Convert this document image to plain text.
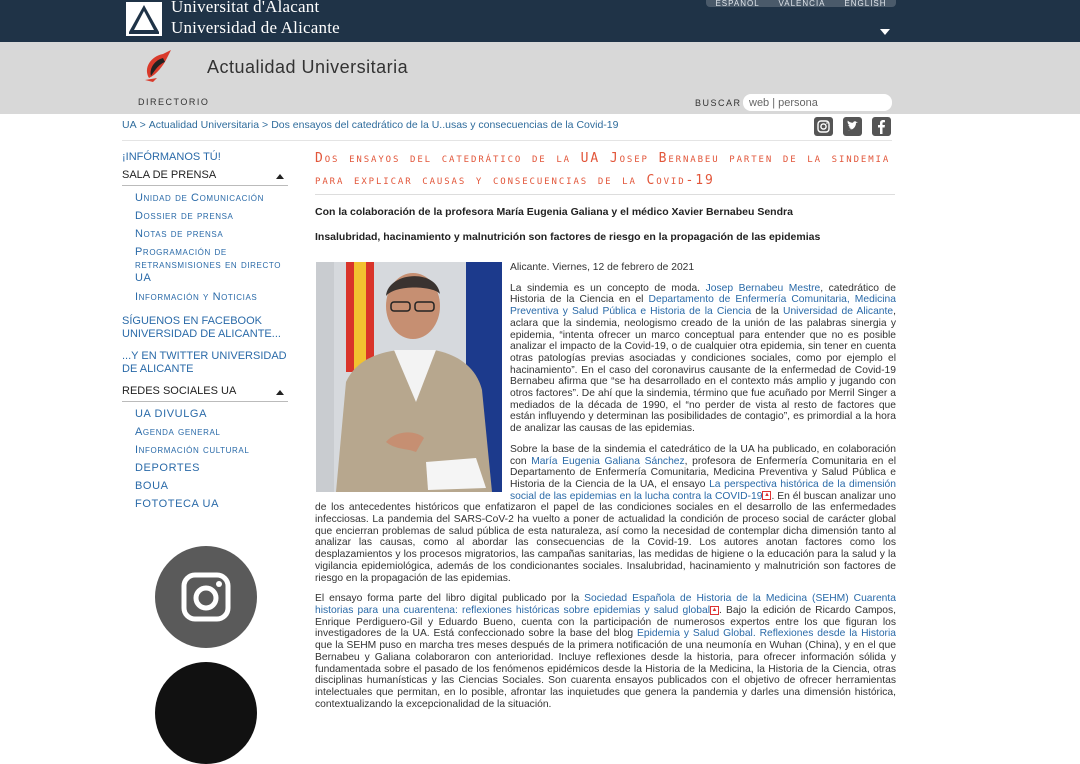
Universitat d'Alacant
Universidad de Alicante
ESPAÑOL VALENCIÀ ENGLISH
Actualidad Universitaria
DIRECTORIO	BUSCAR
web | persona
UA > Actualidad Universitaria > Dos ensayos del catedrático de la U..usas y consecuencias de la Covid-19
¡INFÓRMANOS TÚ!
SALA DE PRENSA
Unidad de Comunicación
Dossier de prensa
Notas de prensa
Programación de retransmisiones en directo UA
Información y Noticias
SÍGUENOS EN FACEBOOK UNIVERSIDAD DE ALICANTE...
...Y EN TWITTER UNIVERSIDAD DE ALICANTE
REDES SOCIALES UA
UA DIVULGA
Agenda general
Información cultural
DEPORTES
BOUA
FOTOTECA UA
Dos ensayos del catedrático de la UA Josep Bernabeu parten de la sindemia para explicar causas y consecuencias de la Covid-19
Con la colaboración de la profesora María Eugenia Galiana y el médico Xavier Bernabeu Sendra
Insalubridad, hacinamiento y malnutrición son factores de riesgo en la propagación de las epidemias

Alicante. Viernes, 12 de febrero de 2021

La sindemia es un concepto de moda. Josep Bernabeu Mestre, catedrático de Historia de la Ciencia en el Departamento de Enfermería Comunitaria, Medicina Preventiva y Salud Pública e Historia de la Ciencia de la Universidad de Alicante, aclara que la sindemia, neologismo creado de la unión de las palabras sinergia y epidemia, “intenta ofrecer un marco conceptual para entender que no es posible analizar el impacto de la Covid-19, o de cualquier otra epidemia, sin tener en cuenta otras patologías previas asociadas y condiciones sociales, como por ejemplo el hacinamiento”. En el caso del coronavirus causante de la enfermedad de Covid-19 Bernabeu afirma que “se ha desarrollado en el contexto más amplio y jugando con otros factores”. De ahí que la sindemia, término que fue acuñado por Merril Singer a mediados de la década de 1990, el “no perder de vista al resto de factores que están influyendo y determinan las posibilidades de contagio”, es primordial a la hora de analizar las causas de las epidemias.

Sobre la base de la sindemia el catedrático de la UA ha publicado, en colaboración con María Eugenia Galiana Sánchez, profesora de Enfermería Comunitaria en el Departamento de Enfermería Comunitaria, Medicina Preventiva y Salud Pública e Historia de la Ciencia de la UA, el ensayo La perspectiva histórica de la dimensión social de las epidemias en la lucha contra la COVID-19 ▲ . En él buscan analizar uno de los antecedentes históricos que enfatizaron el papel de las condiciones sociales en el desarrollo de las enfermedades infecciosas. La pandemia del SARS-CoV-2 ha vuelto a poner de actualidad la condición de proceso social de carácter global que encierran problemas de salud pública de esta naturaleza, así como la necesidad de contemplar dicha dimensión tanto al analizar las causas, como al abordar las consecuencias de la Covid-19. Los autores anotan factores como los desplazamientos y los procesos migratorios, las campañas sanitarias, las medidas de higiene o la educación para la salud y la vigilancia epidemiológica, además de los condicionantes sociales. Insalubridad, hacinamiento y malnutrición son factores de riesgo en la propagación de las epidemias.

El ensayo forma parte del libro digital publicado por la Sociedad Española de Historia de la Medicina (SEHM) Cuarenta historias para una cuarentena: reflexiones históricas sobre epidemias y salud global ▲ . Bajo la edición de Ricardo Campos, Enrique Perdiguero-Gil y Eduardo Bueno, cuenta con la participación de numerosos expertos entre los que figuran los investigadores de la UA. Está confeccionado sobre la base del blog Epidemia y Salud Global. Reflexiones desde la Historia que la SEHM puso en marcha tres meses después de la primera notificación de una neumonía en Wuhan (China), y en el que Bernabeu y Galiana colaboraron con anterioridad. Incluye reflexiones desde la historia, para ofrecer información sólida y fundamentada sobre el pasado de los fenómenos epidémicos desde la Historia de la Medicina, la Historia de la Ciencia, otras disciplinas humanísticas y las Ciencias Sociales. Son cuarenta ensayos publicados con el objetivo de ofrecer herramientas intelectuales que permitan, en lo posible, afrontar las inquietudes que genera la pandemia y darles una dimensión histórica, contextualizando la excepcionalidad de la situación.
